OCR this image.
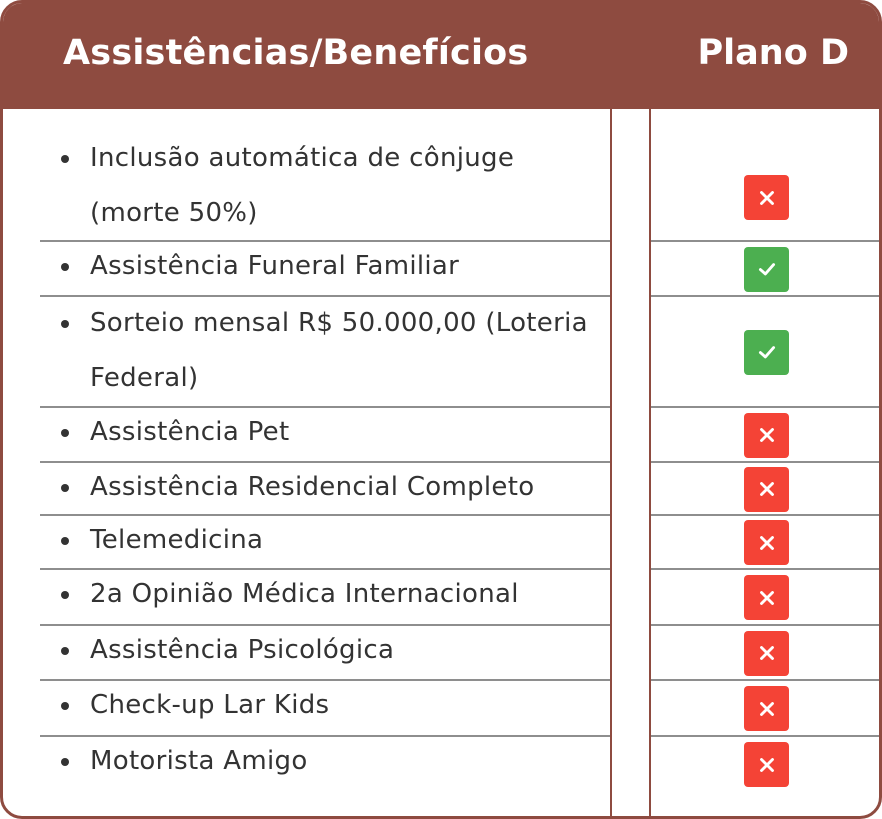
Assistências/Benefícios	Plano D
Inclusão automática de cônjuge (morte 50%)
Assistência Funeral Familiar
Sorteio mensal R$ 50.000,00 (Loteria Federal)
Assistência Pet
Assistência Residencial Completo
Telemedicina
2a Opinião Médica Internacional
Assistência Psicológica
Check-up Lar Kids
Motorista Amigo
